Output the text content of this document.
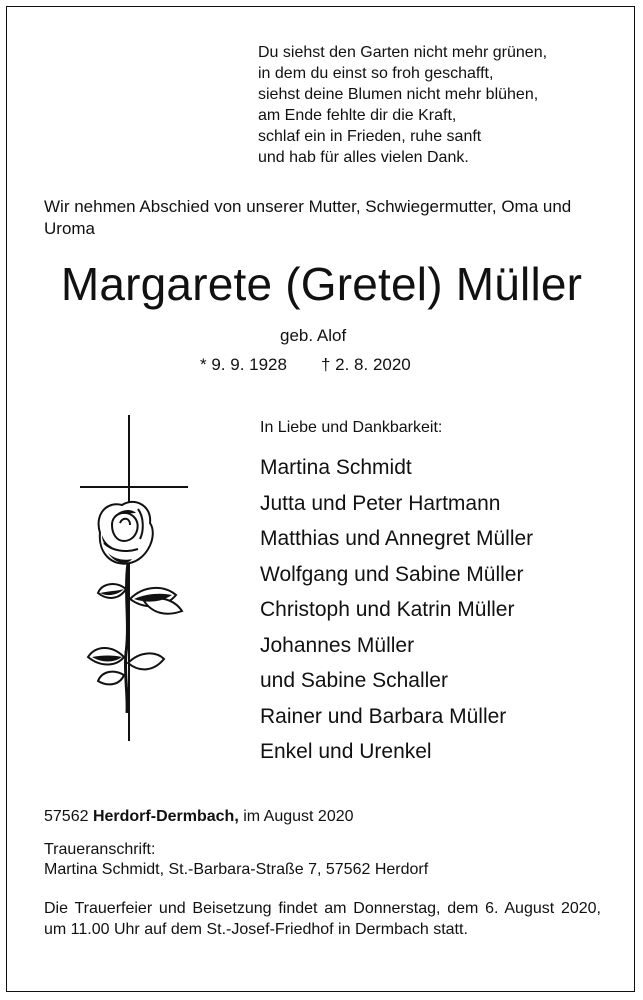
Du siehst den Garten nicht mehr grünen,
in dem du einst so froh geschafft,
siehst deine Blumen nicht mehr blühen,
am Ende fehlte dir die Kraft,
schlaf ein in Frieden, ruhe sanft
und hab für alles vielen Dank.
Wir nehmen Abschied von unserer Mutter, Schwiegermutter, Oma und Uroma
Margarete (Gretel) Müller
geb. Alof
* 9. 9. 1928 † 2. 8. 2020
In Liebe und Dankbarkeit:
Martina Schmidt
Jutta und Peter Hartmann
Matthias und Annegret Müller
Wolfgang und Sabine Müller
Christoph und Katrin Müller
Johannes Müller
und Sabine Schaller
Rainer und Barbara Müller
Enkel und Urenkel
57562 Herdorf-Dermbach, im August 2020
Traueranschrift:
Martina Schmidt, St.-Barbara-Straße 7, 57562 Herdorf
Die Trauerfeier und Beisetzung findet am Donnerstag, dem 6. August 2020, um 11.00 Uhr auf dem St.-Josef-Friedhof in Dermbach statt.
